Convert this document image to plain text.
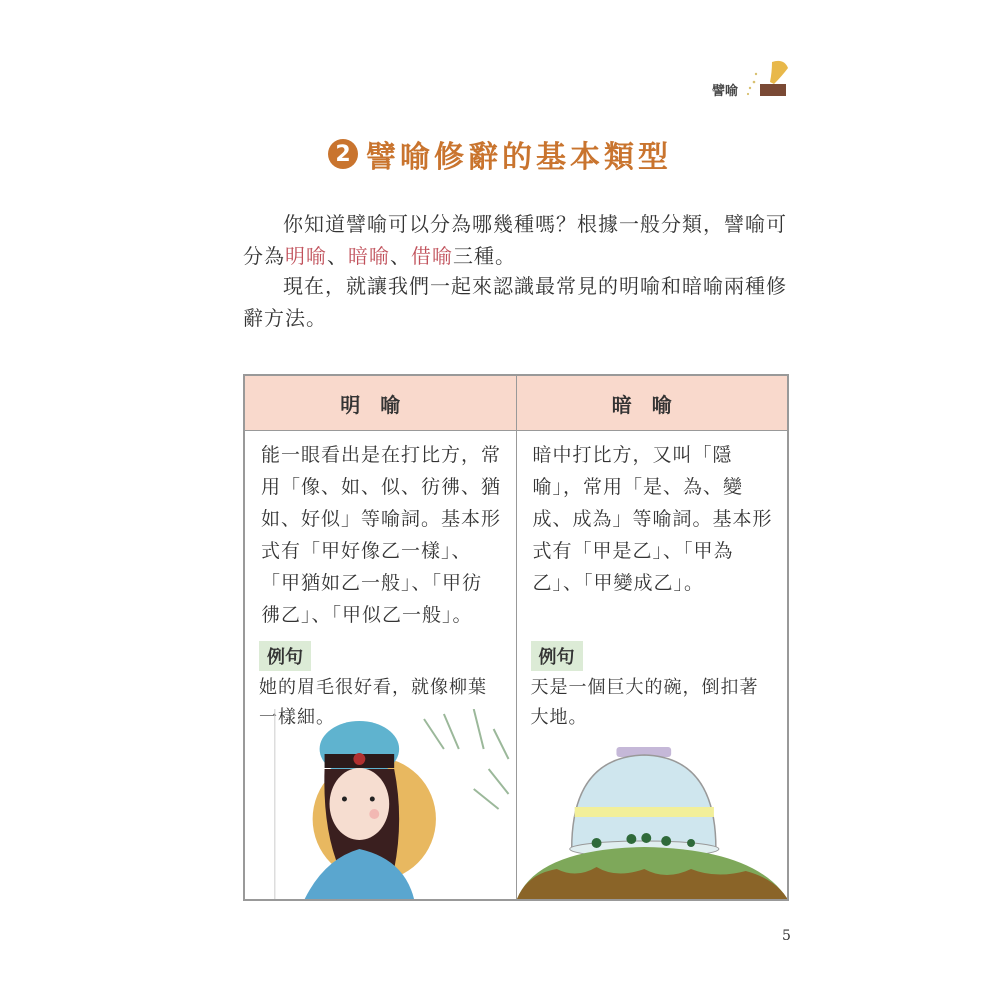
譬喻
2 譬喻修辭的基本類型
你知道譬喻可以分為哪幾種嗎？根據一般分類，譬喻可分為明喻、暗喻、借喻三種。
現在，就讓我們一起來認識最常見的明喻和暗喻兩種修辭方法。
明喻	暗喻

能一眼看出是在打比方，常用「像、如、似、彷彿、猶如、好似」等喻詞。基本形式有「甲好像乙一樣」、「甲猶如乙一般」、「甲彷彿乙」、「甲似乙一般」。
例句
她的眉毛很好看，就像柳葉一樣細。

暗中打比方，又叫「隱喻」，常用「是、為、變成、成為」等喻詞。基本形式有「甲是乙」、「甲為乙」、「甲變成乙」。
例句
天是一個巨大的碗，倒扣著大地。
5
